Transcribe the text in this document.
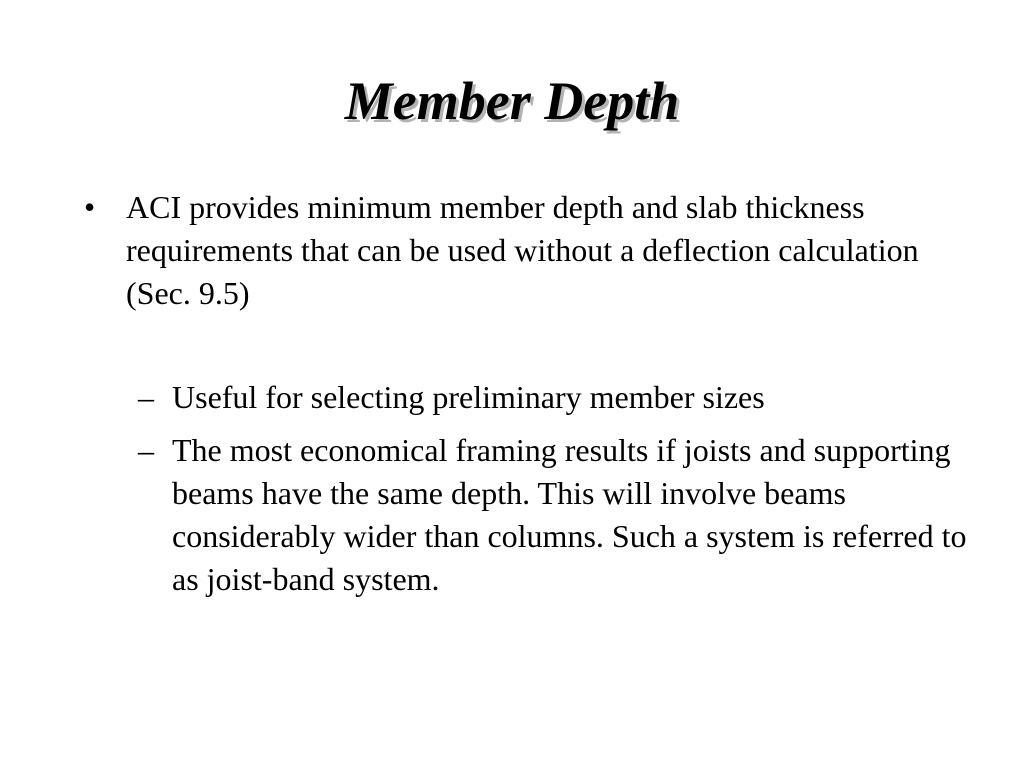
Member Depth
• ACI provides minimum member depth and slab thickness requirements that can be used without a deflection calculation (Sec. 9.5)
– Useful for selecting preliminary member sizes
– The most economical framing results if joists and supporting beams have the same depth. This will involve beams considerably wider than columns. Such a system is referred to as joist-band system.
